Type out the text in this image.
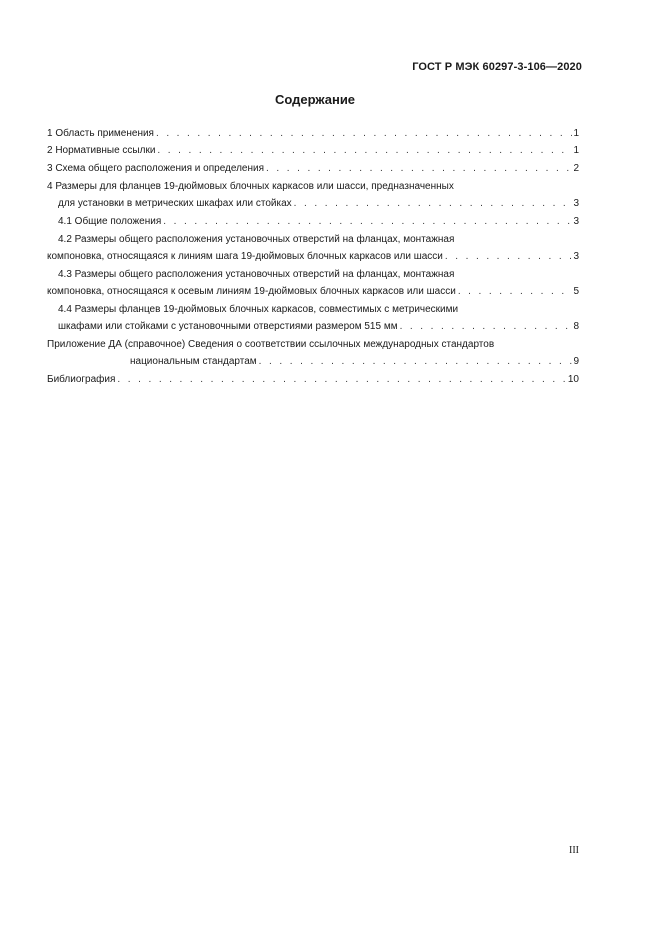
ГОСТ Р МЭК 60297-3-106—2020
Содержание
1 Область применения . . .	1
2 Нормативные ссылки . . .	1
3 Схема общего расположения и определения . . .	2
4 Размеры для фланцев 19-дюймовых блочных каркасов или шасси, предназначенных
для установки в метрических шкафах или стойках . . .	3
4.1 Общие положения . . .	3
4.2 Размеры общего расположения установочных отверстий на фланцах, монтажная
компоновка, относящаяся к линиям шага 19-дюймовых блочных каркасов или шасси . . .	3
4.3 Размеры общего расположения установочных отверстий на фланцах, монтажная
компоновка, относящаяся к осевым линиям 19-дюймовых блочных каркасов или шасси . . .	5
4.4 Размеры фланцев 19-дюймовых блочных каркасов, совместимых с метрическими
шкафами или стойками с установочными отверстиями размером 515 мм . . .	8
Приложение ДА (справочное) Сведения о соответствии ссылочных международных стандартов
национальным стандартам . . .	9
Библиография . . .	10
III
